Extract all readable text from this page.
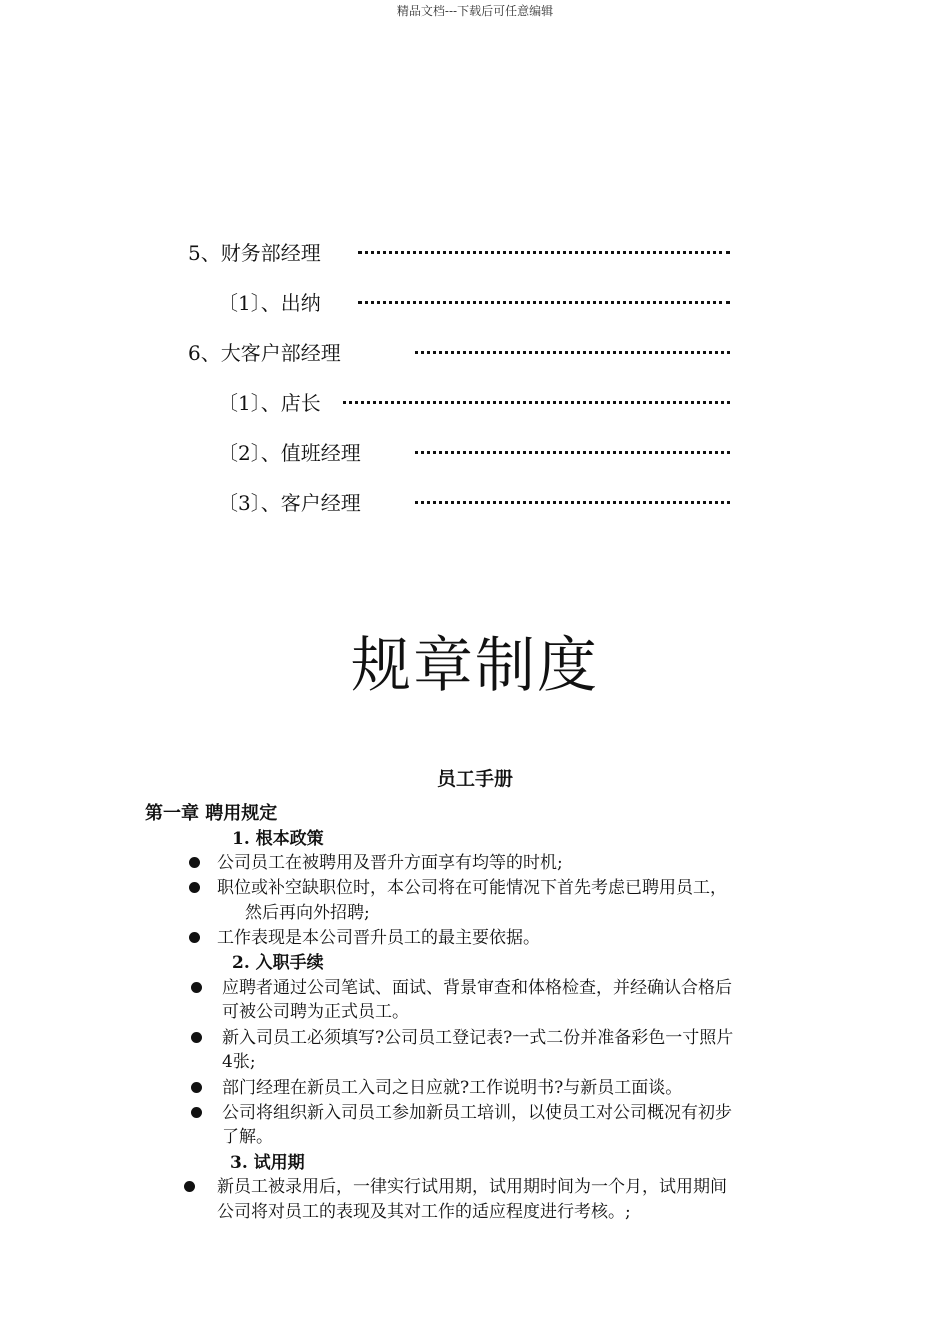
精品文档---下载后可任意编辑
5、财务部经理
〔1〕、出纳
6、大客户部经理
〔1〕、店长
〔2〕、值班经理
〔3〕、客户经理
规章制度
员工手册
第一章 聘用规定
1. 根本政策
公司员工在被聘用及晋升方面享有均等的时机;
职位或补空缺职位时，本公司将在可能情况下首先考虑已聘用员工，
然后再向外招聘;
工作表现是本公司晋升员工的最主要依据。
2. 入职手续
应聘者通过公司笔试、面试、背景审查和体格检查，并经确认合格后
可被公司聘为正式员工。
新入司员工必须填写?公司员工登记表?一式二份并准备彩色一寸照片
4张;
部门经理在新员工入司之日应就?工作说明书?与新员工面谈。
公司将组织新入司员工参加新员工培训，以使员工对公司概况有初步
了解。
3. 试用期
新员工被录用后，一律实行试用期，试用期时间为一个月，试用期间
公司将对员工的表现及其对工作的适应程度进行考核。;
